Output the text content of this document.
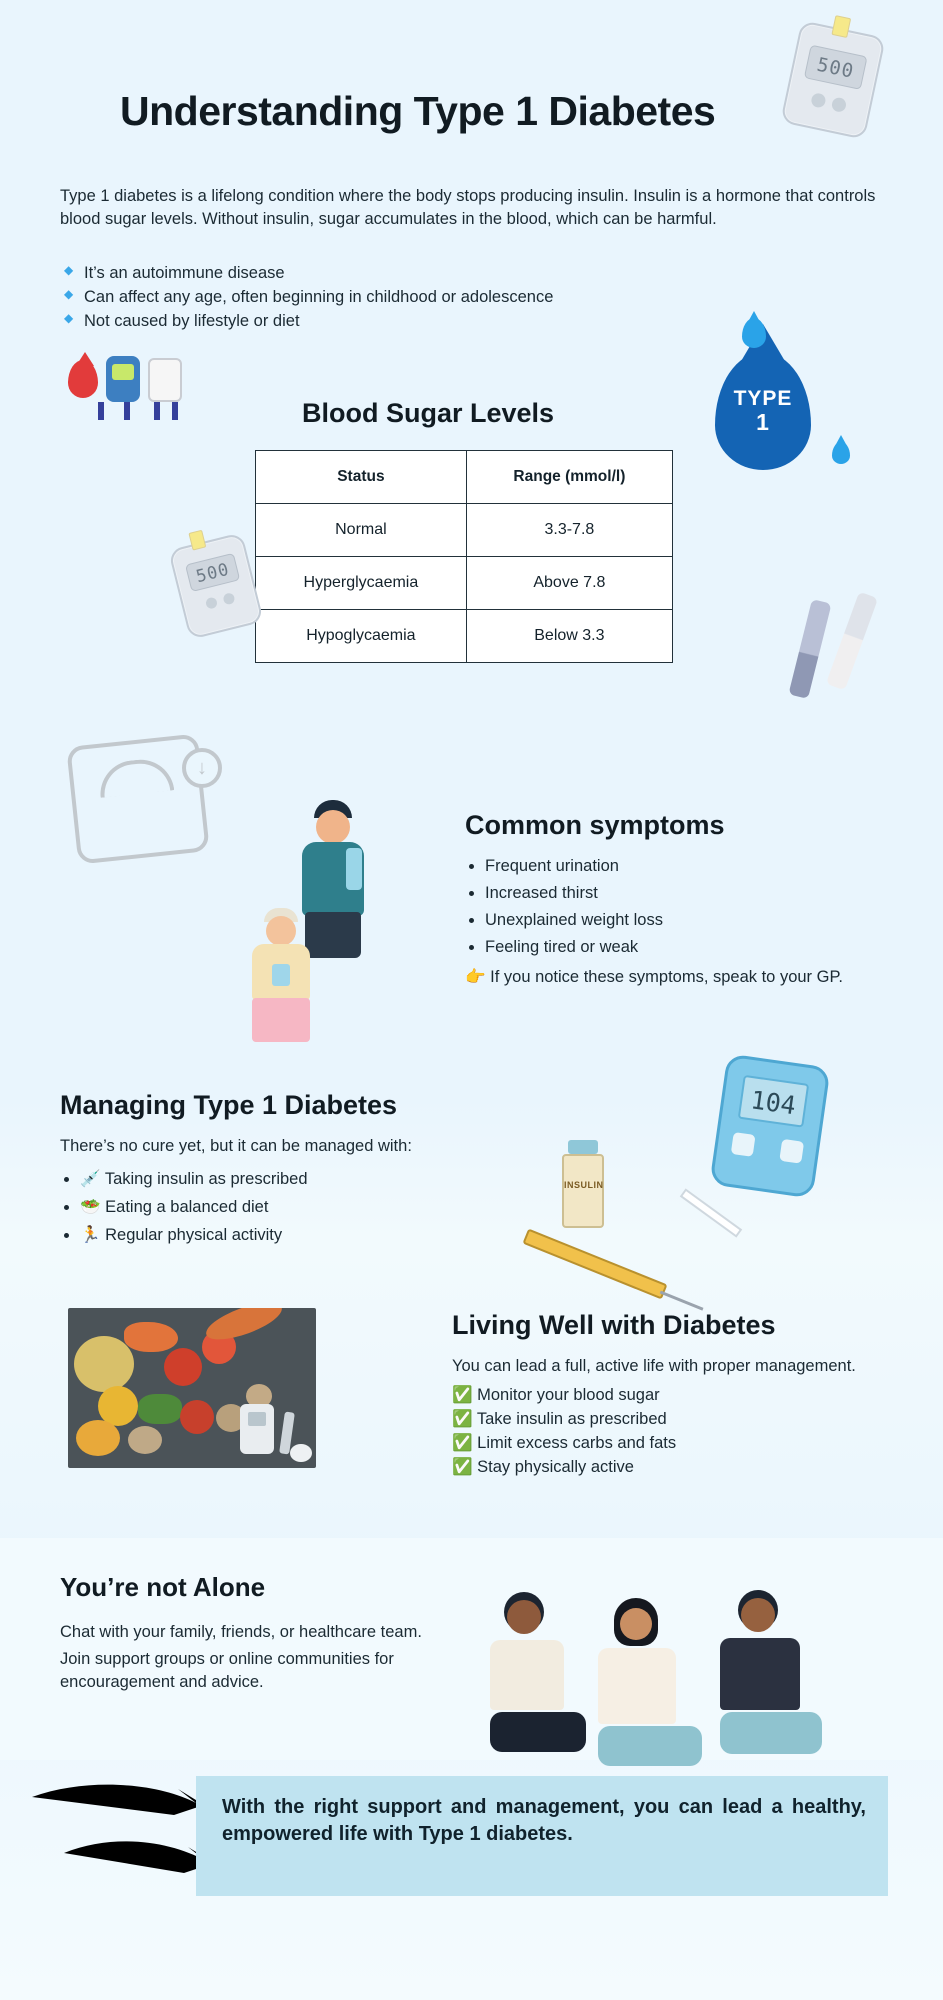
500
Understanding Type 1 Diabetes

Type 1 diabetes is a lifelong condition where the body stops producing insulin. Insulin is a hormone that controls blood sugar levels. Without insulin, sugar accumulates in the blood, which can be harmful.

◆ It’s an autoimmune disease
◆ Can affect any age, often beginning in childhood or adolescence
◆ Not caused by lifestyle or diet
TYPE
1
Blood Sugar Levels
Status	Range (mmol/l)
Normal	3.3-7.8
Hyperglycaemia	Above 7.8
Hypoglycaemia	Below 3.3
500
↓
Common symptoms
• Frequent urination
• Increased thirst
• Unexplained weight loss
• Feeling tired or weak

👉 If you notice these symptoms, speak to your GP.

Managing Type 1 Diabetes

There’s no cure yet, but it can be managed with:

• 💉 Taking insulin as prescribed
• 🥗 Eating a balanced diet
• 🏃 Regular physical activity
INSULIN
104
Living Well with Diabetes

You can lead a full, active life with proper management.

✅ Monitor your blood sugar
✅ Take insulin as prescribed
✅ Limit excess carbs and fats
✅ Stay physically active
You’re not Alone

Chat with your family, friends, or healthcare team.

Join support groups or online communities for encouragement and advice.

With the right support and management, you can lead a healthy, empowered life with Type 1 diabetes.
